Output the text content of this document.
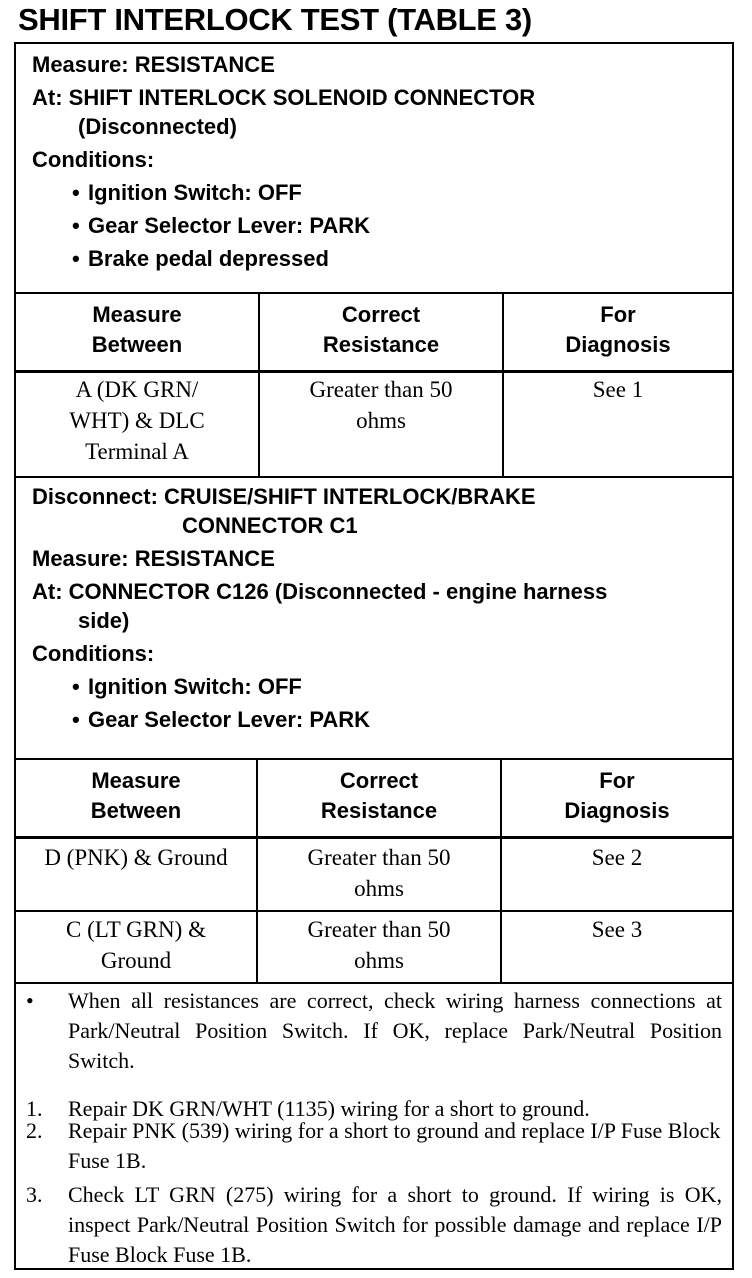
SHIFT INTERLOCK TEST (TABLE 3)
Measure: RESISTANCE
At: SHIFT INTERLOCK SOLENOID CONNECTOR
(Disconnected)
Conditions:
• Ignition Switch: OFF
• Gear Selector Lever: PARK
• Brake pedal depressed
Measure
Between
Correct
Resistance
For
Diagnosis
A (DK GRN/
WHT) & DLC
Terminal A
Greater than 50
ohms
See 1
Disconnect: CRUISE/SHIFT INTERLOCK/BRAKE
CONNECTOR C1
Measure: RESISTANCE
At: CONNECTOR C126 (Disconnected - engine harness
side)
Conditions:
• Ignition Switch: OFF
• Gear Selector Lever: PARK
Measure
Between
Correct
Resistance
For
Diagnosis
D (PNK) & Ground	Greater than 50
ohms
See 2
C (LT GRN) &
Ground
Greater than 50
ohms
See 3
• When all resistances are correct, check wiring harness connections at Park/Neutral Position Switch. If OK, replace Park/Neutral Position Switch.
1. Repair DK GRN/WHT (1135) wiring for a short to ground.
2. Repair PNK (539) wiring for a short to ground and replace I/P Fuse Block Fuse 1B.
3. Check LT GRN (275) wiring for a short to ground. If wiring is OK, inspect Park/Neutral Position Switch for possible damage and replace I/P Fuse Block Fuse 1B.
